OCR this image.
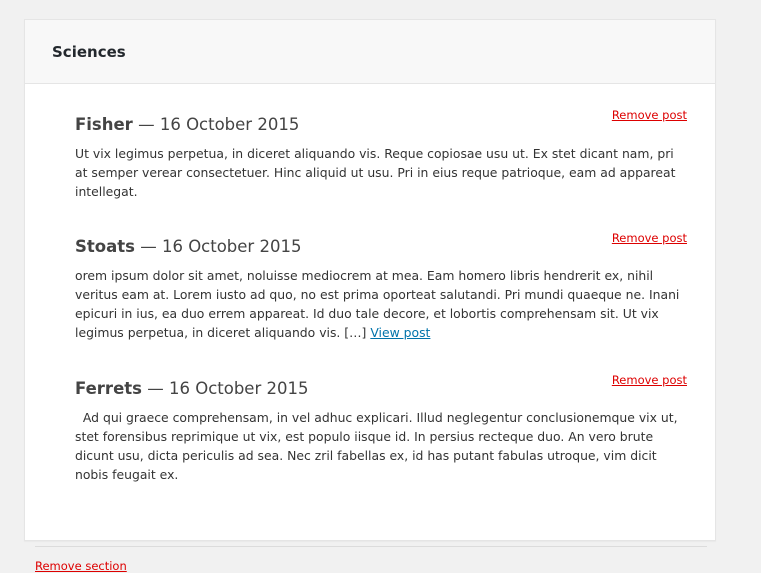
Sciences
Remove post
Fisher — 16 October 2015

Ut vix legimus perpetua, in diceret aliquando vis. Reque copiosae usu ut. Ex stet dicant nam, pri at semper verear consectetuer. Hinc aliquid ut usu. Pri in eius reque patrioque, eam ad appareat intellegat.

Remove post
Stoats — 16 October 2015

orem ipsum dolor sit amet, noluisse mediocrem at mea. Eam homero libris hendrerit ex, nihil veritus eam at. Lorem iusto ad quo, no est prima oporteat salutandi. Pri mundi quaeque ne. Inani epicuri in ius, ea duo errem appareat. Id duo tale decore, et lobortis comprehensam sit. Ut vix legimus perpetua, in diceret aliquando vis. […] View post

Remove post
Ferrets — 16 October 2015

Ad qui graece comprehensam, in vel adhuc explicari. Illud neglegentur conclusionemque vix ut, stet forensibus reprimique ut vix, est populo iisque id. In persius recteque duo. An vero brute dicunt usu, dicta periculis ad sea. Nec zril fabellas ex, id has putant fabulas utroque, vim dicit nobis feugait ex.

Remove section
